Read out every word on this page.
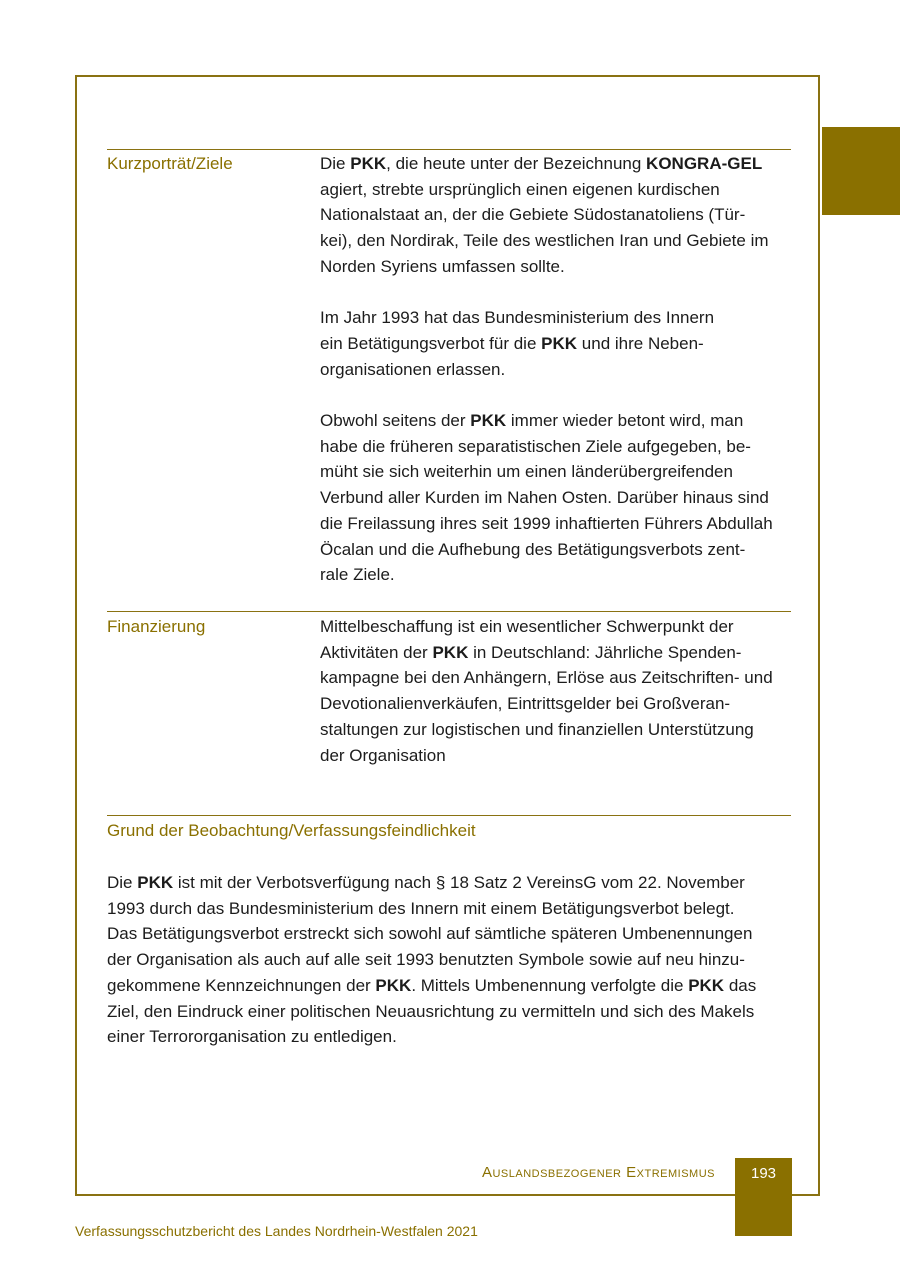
Kurzporträt/Ziele	Die PKK, die heute unter der Bezeichnung KONGRA-GEL
agiert, strebte ursprünglich einen eigenen kurdischen
Nationalstaat an, der die Gebiete Südostanatoliens (Tür-
kei), den Nordirak, Teile des westlichen Iran und Gebiete im
Norden Syriens umfassen sollte.
Im Jahr 1993 hat das Bundesministerium des Innern
ein Betätigungsverbot für die PKK und ihre Neben-
organisationen erlassen.
Obwohl seitens der PKK immer wieder betont wird, man
habe die früheren separatistischen Ziele aufgegeben, be-
müht sie sich weiterhin um einen länderübergreifenden
Verbund aller Kurden im Nahen Osten. Darüber hinaus sind
die Freilassung ihres seit 1999 inhaftierten Führers Abdullah
Öcalan und die Aufhebung des Betätigungsverbots zent-
rale Ziele.
Finanzierung	Mittelbeschaffung ist ein wesentlicher Schwerpunkt der
Aktivitäten der PKK in Deutschland: Jährliche Spenden-
kampagne bei den Anhängern, Erlöse aus Zeitschriften- und
Devotionalienverkäufen, Eintrittsgelder bei Großveran-
staltungen zur logistischen und finanziellen Unterstützung
der Organisation
Grund der Beobachtung/Verfassungsfeindlichkeit
Die PKK ist mit der Verbotsverfügung nach § 18 Satz 2 VereinsG vom 22. November
1993 durch das Bundesministerium des Innern mit einem Betätigungsverbot belegt.
Das Betätigungsverbot erstreckt sich sowohl auf sämtliche späteren Umbenennungen
der Organisation als auch auf alle seit 1993 benutzten Symbole sowie auf neu hinzu-
gekommene Kennzeichnungen der PKK. Mittels Umbenennung verfolgte die PKK das
Ziel, den Eindruck einer politischen Neuausrichtung zu vermitteln und sich des Makels
einer Terrororganisation zu entledigen.
Auslandsbezogener Extremismus	193
Verfassungsschutzbericht des Landes Nordrhein-Westfalen 2021
